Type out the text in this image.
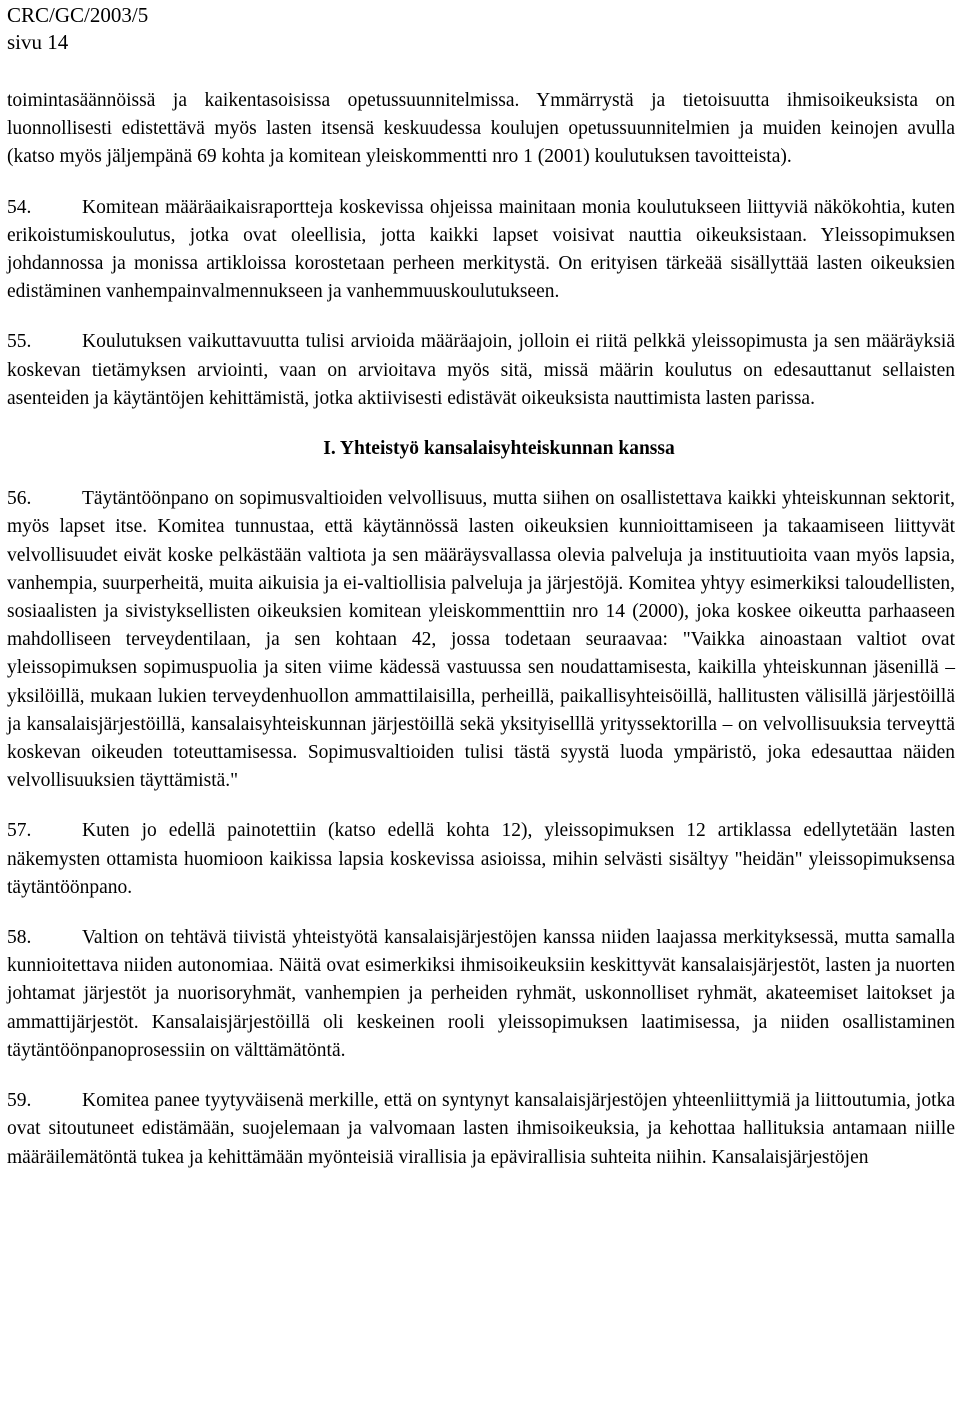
CRC/GC/2003/5
sivu 14

toimintasäännöissä ja kaikentasoisissa opetussuunnitelmissa. Ymmärrystä ja tietoisuutta ihmisoikeuksista on luonnollisesti edistettävä myös lasten itsensä keskuudessa koulujen opetussuunnitelmien ja muiden keinojen avulla (katso myös jäljempänä 69 kohta ja komitean yleiskommentti nro 1 (2001) koulutuksen tavoitteista).

54.	Komitean määräaikaisraportteja koskevissa ohjeissa mainitaan monia koulutukseen liittyviä näkökohtia, kuten erikoistumiskoulutus, jotka ovat oleellisia, jotta kaikki lapset voisivat nauttia oikeuksistaan. Yleissopimuksen johdannossa ja monissa artikloissa korostetaan perheen merkitystä. On erityisen tärkeää sisällyttää lasten oikeuksien edistäminen vanhempainvalmennukseen ja vanhemmuuskoulutukseen.

55.	Koulutuksen vaikuttavuutta tulisi arvioida määräajoin, jolloin ei riitä pelkkä yleissopimusta ja sen määräyksiä koskevan tietämyksen arviointi, vaan on arvioitava myös sitä, missä määrin koulutus on edesauttanut sellaisten asenteiden ja käytäntöjen kehittämistä, jotka aktiivisesti edistävät oikeuksista nauttimista lasten parissa.

I. Yhteistyö kansalaisyhteiskunnan kanssa

56.	Täytäntöönpano on sopimusvaltioiden velvollisuus, mutta siihen on osallistettava kaikki yhteiskunnan sektorit, myös lapset itse. Komitea tunnustaa, että käytännössä lasten oikeuksien kunnioittamiseen ja takaamiseen liittyvät velvollisuudet eivät koske pelkästään valtiota ja sen määräysvallassa olevia palveluja ja instituutioita vaan myös lapsia, vanhempia, suurperheitä, muita aikuisia ja ei-valtiollisia palveluja ja järjestöjä. Komitea yhtyy esimerkiksi taloudellisten, sosiaalisten ja sivistyksellisten oikeuksien komitean yleiskommenttiin nro 14 (2000), joka koskee oikeutta parhaaseen mahdolliseen terveydentilaan, ja sen kohtaan 42, jossa todetaan seuraavaa: "Vaikka ainoastaan valtiot ovat yleissopimuksen sopimuspuolia ja siten viime kädessä vastuussa sen noudattamisesta, kaikilla yhteiskunnan jäsenillä – yksilöillä, mukaan lukien terveydenhuollon ammattilaisilla, perheillä, paikallisyhteisöillä, hallitusten välisillä järjestöillä ja kansalaisjärjestöillä, kansalaisyhteiskunnan järjestöillä sekä yksityiselllä yrityssektorilla – on velvollisuuksia terveyttä koskevan oikeuden toteuttamisessa. Sopimusvaltioiden tulisi tästä syystä luoda ympäristö, joka edesauttaa näiden velvollisuuksien täyttämistä."

57.	Kuten jo edellä painotettiin (katso edellä kohta 12), yleissopimuksen 12 artiklassa edellytetään lasten näkemysten ottamista huomioon kaikissa lapsia koskevissa asioissa, mihin selvästi sisältyy "heidän" yleissopimuksensa täytäntöönpano.

58.	Valtion on tehtävä tiivistä yhteistyötä kansalaisjärjestöjen kanssa niiden laajassa merkityksessä, mutta samalla kunnioitettava niiden autonomiaa. Näitä ovat esimerkiksi ihmisoikeuksiin keskittyvät kansalaisjärjestöt, lasten ja nuorten johtamat järjestöt ja nuorisoryhmät, vanhempien ja perheiden ryhmät, uskonnolliset ryhmät, akateemiset laitokset ja ammattijärjestöt. Kansalaisjärjestöillä oli keskeinen rooli yleissopimuksen laatimisessa, ja niiden osallistaminen täytäntöönpanoprosessiin on välttämätöntä.

59.	Komitea panee tyytyväisenä merkille, että on syntynyt kansalaisjärjestöjen yhteenliittymiä ja liittoutumia, jotka ovat sitoutuneet edistämään, suojelemaan ja valvomaan lasten ihmisoikeuksia, ja kehottaa hallituksia antamaan niille määräilemätöntä tukea ja kehittämään myönteisiä virallisia ja epävirallisia suhteita niihin. Kansalaisjärjestöjen
